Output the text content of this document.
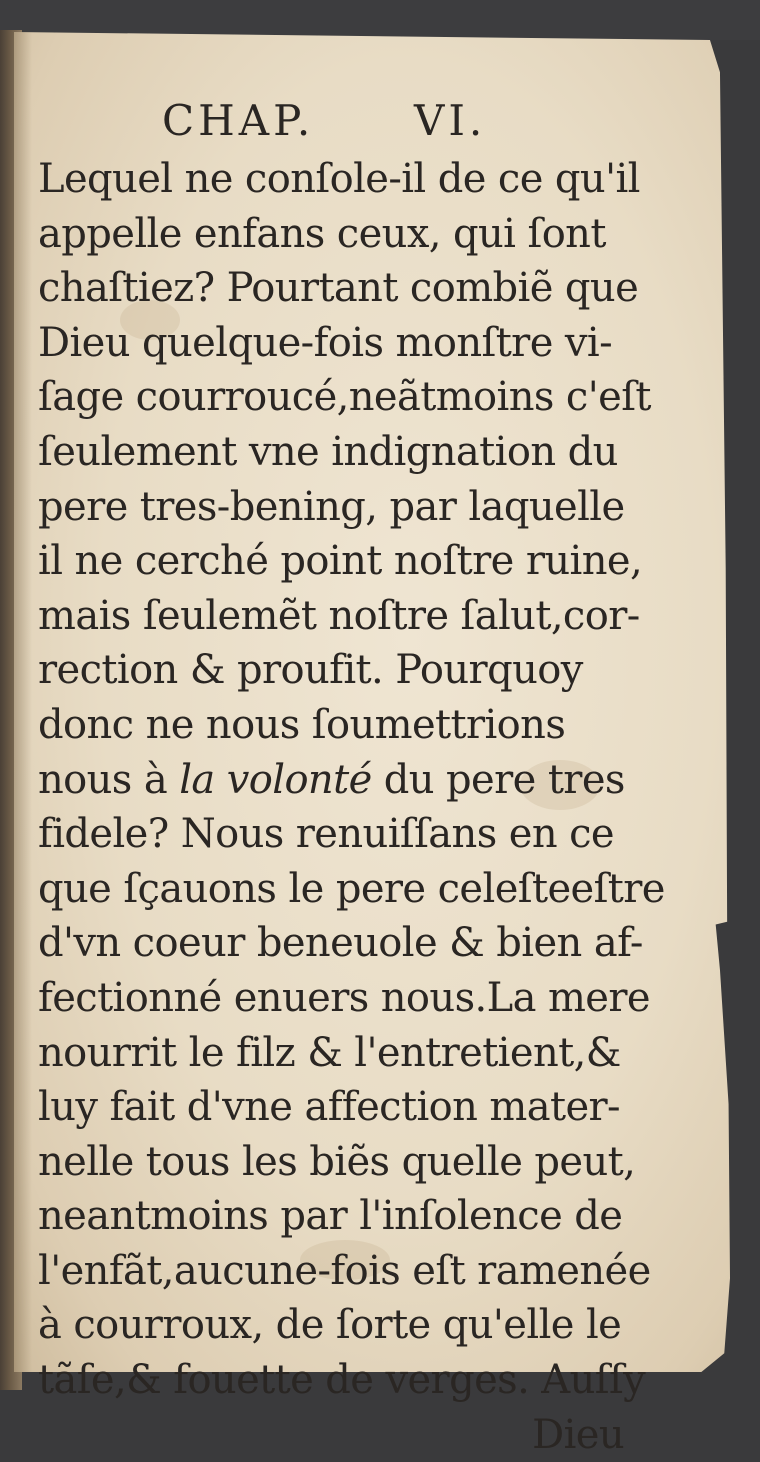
CHAP. VI.
Lequel ne conſole-il de ce qu'il
appelle enfans ceux, qui ſont
chaſtiez? Pourtant combiẽ que
Dieu quelque-fois monſtre vi-
ſage courroucé,neãtmoins c'eſt
ſeulement vne indignation du
pere tres-bening, par laquelle
il ne cerché point noſtre ruine,
mais ſeulemẽt noſtre ſalut,cor-
rection & proufit. Pourquoy
donc ne nous ſoumettrions
nous à la volonté du pere tres
fidele? Nous renuiſſans en ce
que ſçauons le pere celeſteeſtre
d'vn coeur beneuole & bien af-
fectionné enuers nous.La mere
nourrit le filz & l'entretient,&
luy fait d'vne affection mater-
nelle tous les biẽs quelle peut,
neantmoins par l'inſolence de
l'enfãt,aucune-fois eſt ramenée
à courroux, de ſorte qu'elle le
tãſe,& fouette de verges. Auſſy
Dieu
